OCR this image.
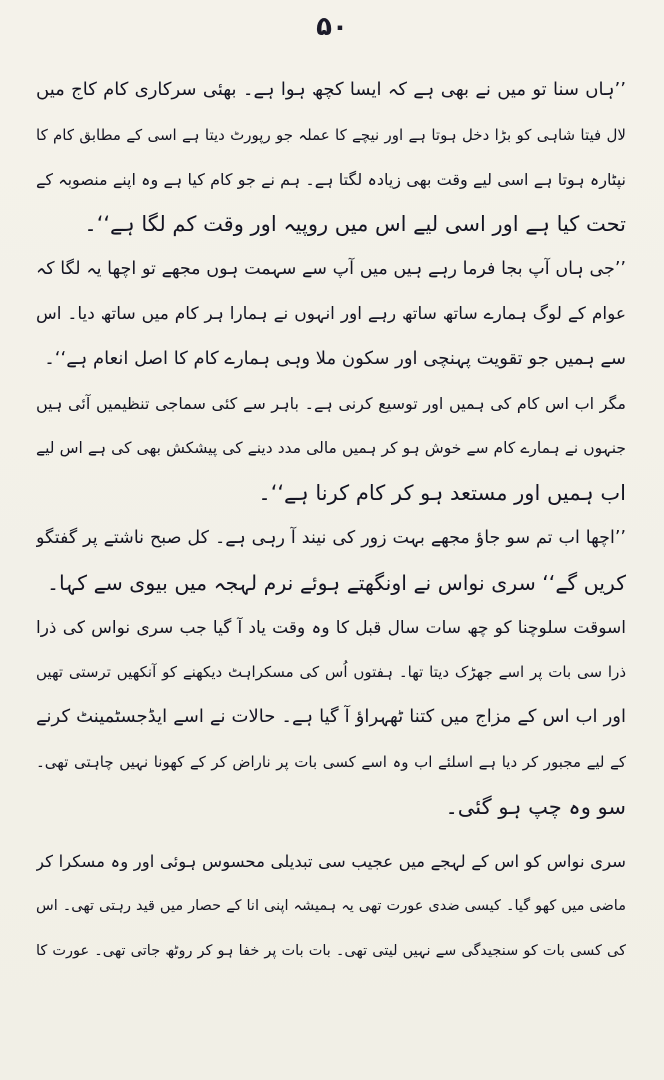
۵۰
’’ہاں سنا تو میں نے بھی ہے کہ ایسا کچھ ہوا ہے۔ بھئی سرکاری کام کاج میں
لال فیتا شاہی کو بڑا دخل ہوتا ہے اور نیچے کا عملہ جو رپورٹ دیتا ہے اسی کے مطابق کام کا
نپٹارہ ہوتا ہے اسی لیے وقت بھی زیادہ لگتا ہے۔ ہم نے جو کام کیا ہے وہ اپنے منصوبہ کے
تحت کیا ہے اور اسی لیے اس میں روپیہ اور وقت کم لگا ہے‘‘۔
’’جی ہاں آپ بجا فرما رہے ہیں میں آپ سے سہمت ہوں مجھے تو اچھا یہ لگا کہ
عوام کے لوگ ہمارے ساتھ ساتھ رہے اور انہوں نے ہمارا ہر کام میں ساتھ دیا۔ اس
سے ہمیں جو تقویت پہنچی اور سکون ملا وہی ہمارے کام کا اصل انعام ہے‘‘۔
مگر اب اس کام کی ہمیں اور توسیع کرنی ہے۔ باہر سے کئی سماجی تنظیمیں آئی ہیں
جنہوں نے ہمارے کام سے خوش ہو کر ہمیں مالی مدد دینے کی پیشکش بھی کی ہے اس لیے
اب ہمیں اور مستعد ہو کر کام کرنا ہے‘‘۔
’’اچھا اب تم سو جاؤ مجھے بہت زور کی نیند آ رہی ہے۔ کل صبح ناشتے پر گفتگو
کریں گے‘‘ سری نواس نے اونگھتے ہوئے نرم لہجہ میں بیوی سے کہا۔
اسوقت سلوچنا کو چھ سات سال قبل کا وہ وقت یاد آ گیا جب سری نواس کی ذرا
ذرا سی بات پر اسے جھڑک دیتا تھا۔ ہفتوں اُس کی مسکراہٹ دیکھنے کو آنکھیں ترستی تھیں
اور اب اس کے مزاج میں کتنا ٹھہراؤ آ گیا ہے۔ حالات نے اسے ایڈجسٹمینٹ کرنے
کے لیے مجبور کر دیا ہے اسلئے اب وہ اسے کسی بات پر ناراض کر کے کھونا نہیں چاہتی تھی۔
سو وہ چپ ہو گئی۔
سری نواس کو اس کے لہجے میں عجیب سی تبدیلی محسوس ہوئی اور وہ مسکرا کر
ماضی میں کھو گیا۔ کیسی ضدی عورت تھی یہ ہمیشہ اپنی انا کے حصار میں قید رہتی تھی۔ اس
کی کسی بات کو سنجیدگی سے نہیں لیتی تھی۔ بات بات پر خفا ہو کر روٹھ جاتی تھی۔ عورت کا
